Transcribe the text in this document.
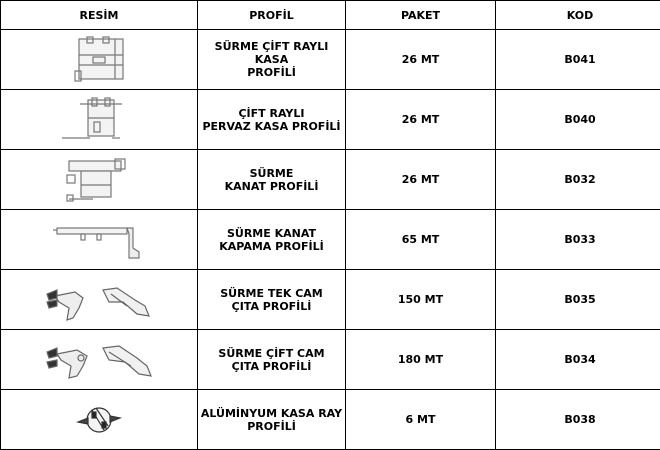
RESİM	PROFİL	PAKET	KOD

SÜRME ÇİFT RAYLI KASA
PROFİLİ	26 MT	B041

ÇİFT RAYLI
PERVAZ KASA PROFİLİ	26 MT	B040

SÜRME
KANAT PROFİLİ	26 MT	B032

SÜRME KANAT
KAPAMA PROFİLİ	65 MT	B033

SÜRME TEK CAM
ÇITA PROFİLİ	150 MT	B035

SÜRME ÇİFT CAM
ÇITA PROFİLİ	180 MT	B034

ALÜMİNYUM KASA RAY
PROFİLİ	6 MT	B038
